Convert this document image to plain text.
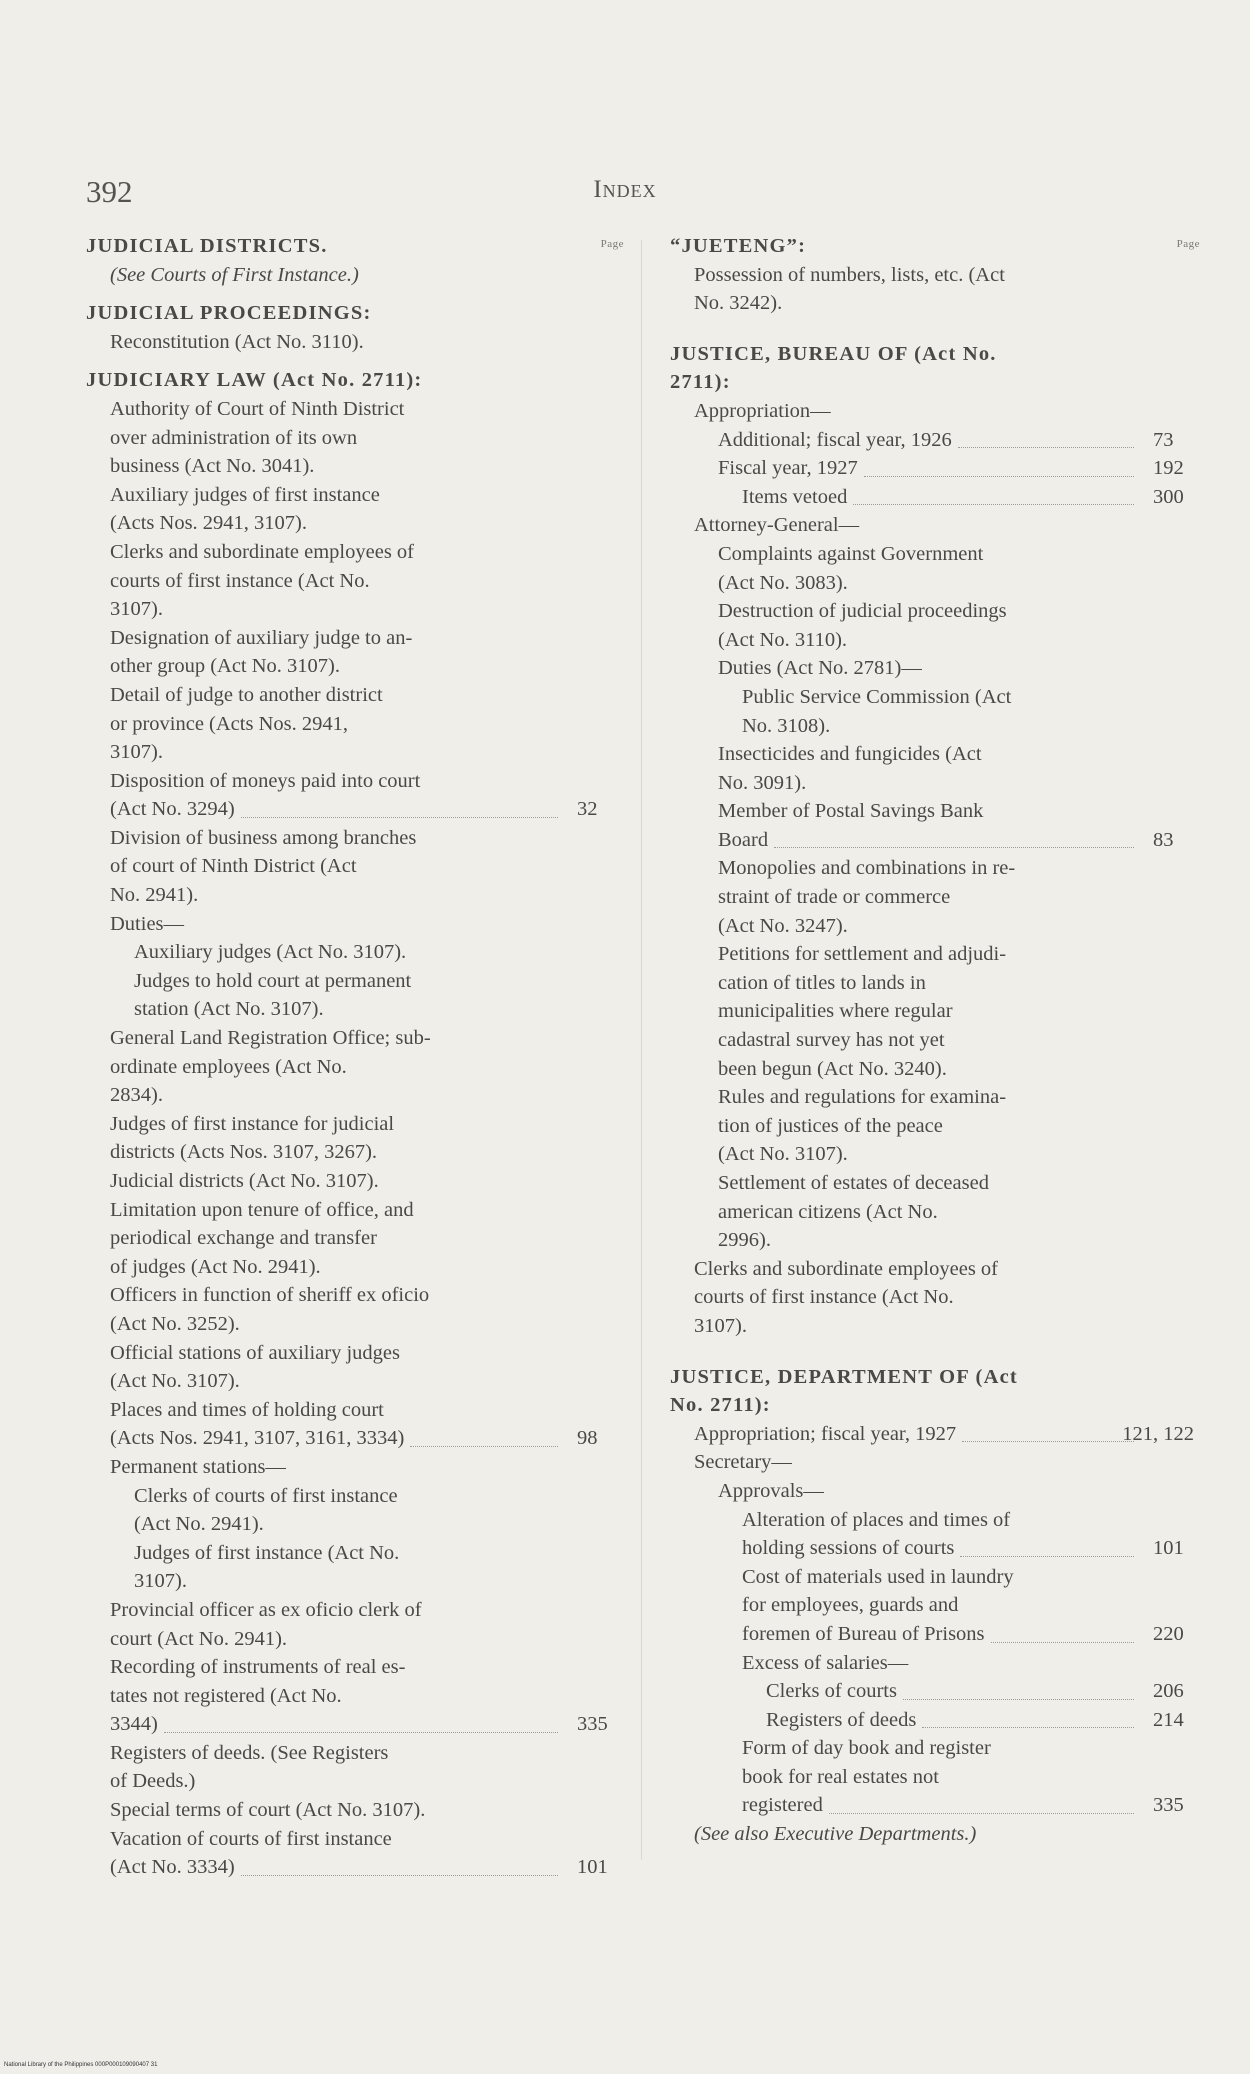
392	Index
Page
JUDICIAL DISTRICTS.
(See Courts of First Instance.)
JUDICIAL PROCEEDINGS:
Reconstitution (Act No. 3110).
JUDICIARY LAW (Act No. 2711):
Authority of Court of Ninth District
over administration of its own
business (Act No. 3041).
Auxiliary judges of first instance
(Acts Nos. 2941, 3107).
Clerks and subordinate employees of
courts of first instance (Act No.
3107).
Designation of auxiliary judge to an-
other group (Act No. 3107).
Detail of judge to another district
or province (Acts Nos. 2941,
3107).
Disposition of moneys paid into court
(Act No. 3294)	32
Division of business among branches
of court of Ninth District (Act
No. 2941).
Duties—
Auxiliary judges (Act No. 3107).
Judges to hold court at permanent
station (Act No. 3107).
General Land Registration Office; sub-
ordinate employees (Act No.
2834).
Judges of first instance for judicial
districts (Acts Nos. 3107, 3267).
Judicial districts (Act No. 3107).
Limitation upon tenure of office, and
periodical exchange and transfer
of judges (Act No. 2941).
Officers in function of sheriff ex oficio
(Act No. 3252).
Official stations of auxiliary judges
(Act No. 3107).
Places and times of holding court
(Acts Nos. 2941, 3107, 3161, 3334)	98
Permanent stations—
Clerks of courts of first instance
(Act No. 2941).
Judges of first instance (Act No.
3107).
Provincial officer as ex oficio clerk of
court (Act No. 2941).
Recording of instruments of real es-
tates not registered (Act No.
3344)	335
Registers of deeds. (See Registers
of Deeds.)
Special terms of court (Act No. 3107).
Vacation of courts of first instance
(Act No. 3334)	101
Page
“JUETENG”:
Possession of numbers, lists, etc. (Act
No. 3242).
JUSTICE, BUREAU OF (Act No.
2711):
Appropriation—
Additional; fiscal year, 1926	73
Fiscal year, 1927	192
Items vetoed	300
Attorney-General—
Complaints against Government
(Act No. 3083).
Destruction of judicial proceedings
(Act No. 3110).
Duties (Act No. 2781)—
Public Service Commission (Act
No. 3108).
Insecticides and fungicides (Act
No. 3091).
Member of Postal Savings Bank
Board	83
Monopolies and combinations in re-
straint of trade or commerce
(Act No. 3247).
Petitions for settlement and adjudi-
cation of titles to lands in
municipalities where regular
cadastral survey has not yet
been begun (Act No. 3240).
Rules and regulations for examina-
tion of justices of the peace
(Act No. 3107).
Settlement of estates of deceased
american citizens (Act No.
2996).
Clerks and subordinate employees of
courts of first instance (Act No.
3107).
JUSTICE, DEPARTMENT OF (Act
No. 2711):
Appropriation; fiscal year, 1927	121, 122
Secretary—
Approvals—
Alteration of places and times of
holding sessions of courts	101
Cost of materials used in laundry
for employees, guards and
foremen of Bureau of Prisons	220
Excess of salaries—
Clerks of courts	206
Registers of deeds	214
Form of day book and register
book for real estates not
registered	335
(See also Executive Departments.)
National Library of the Philippines 000P000109090407 31
